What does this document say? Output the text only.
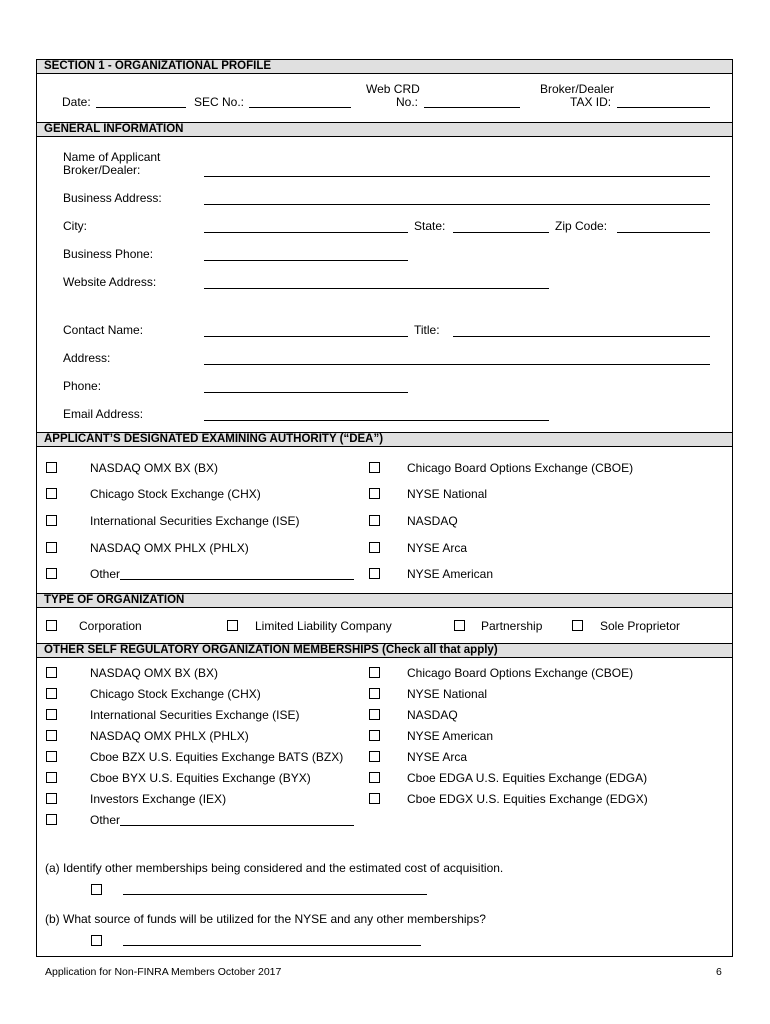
SECTION 1 - ORGANIZATIONAL PROFILE
Date:	SEC No.:
Web CRD
No.:
Broker/Dealer
TAX ID:
GENERAL INFORMATION
Name of Applicant
Broker/Dealer:
Business Address:
City:	State:	Zip Code:
Business Phone:
Website Address:
Contact Name:	Title:
Address:
Phone:
Email Address:
APPLICANT’S DESIGNATED EXAMINING AUTHORITY (“DEA”)
NASDAQ OMX BX (BX)	Chicago Board Options Exchange (CBOE)
Chicago Stock Exchange (CHX)	NYSE National
International Securities Exchange (ISE)	NASDAQ
NASDAQ OMX PHLX (PHLX)	NYSE Arca
Other	NYSE American
TYPE OF ORGANIZATION
Corporation	Limited Liability Company	Partnership	Sole Proprietor
OTHER SELF REGULATORY ORGANIZATION MEMBERSHIPS (Check all that apply)
NASDAQ OMX BX (BX)	Chicago Board Options Exchange (CBOE)
Chicago Stock Exchange (CHX)	NYSE National
International Securities Exchange (ISE)	NASDAQ
NASDAQ OMX PHLX (PHLX)	NYSE American
Cboe BZX U.S. Equities Exchange BATS (BZX)	NYSE Arca
Cboe BYX U.S. Equities Exchange (BYX)	Cboe EDGA U.S. Equities Exchange (EDGA)
Investors Exchange (IEX)	Cboe EDGX U.S. Equities Exchange (EDGX)
Other
(a) Identify other memberships being considered and the estimated cost of acquisition.
(b) What source of funds will be utilized for the NYSE and any other memberships?
Application for Non-FINRA Members October 2017	6
